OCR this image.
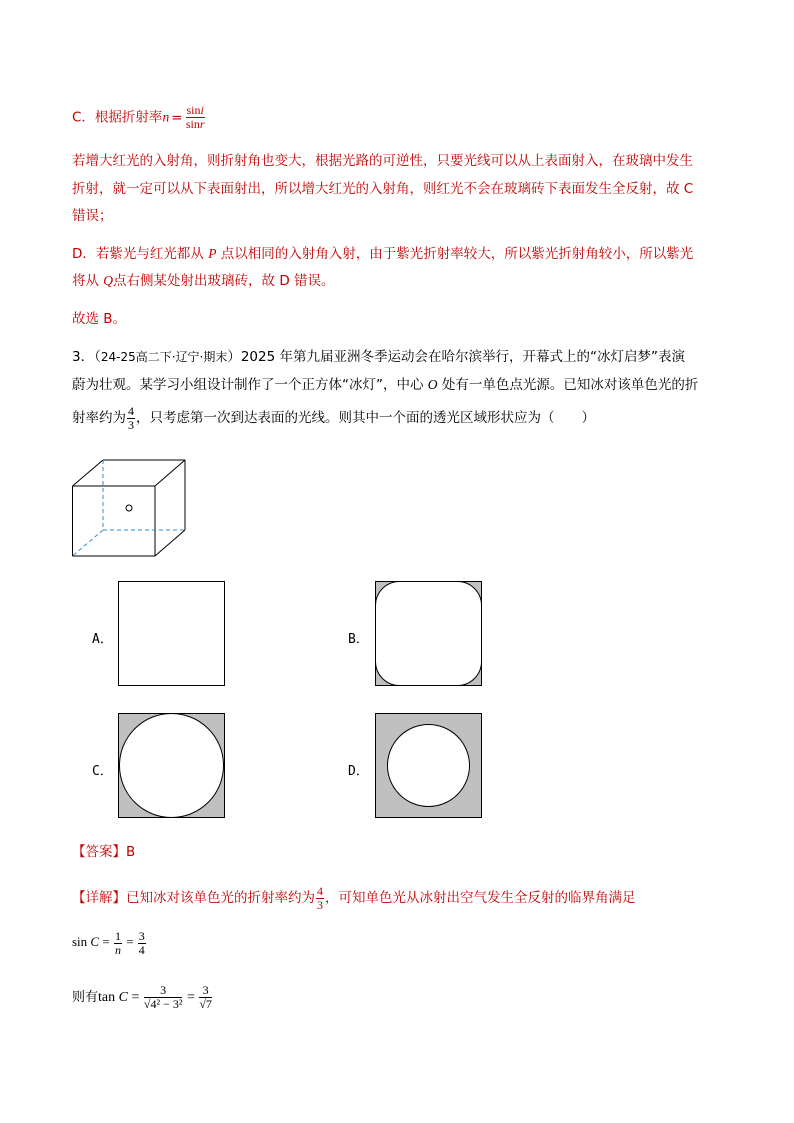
C．根据折射率$n = \frac{\sin i}{\sin r}$
若增大红光的入射角，则折射角也变大，根据光路的可逆性，只要光线可以从上表面射入，在玻璃中发生
折射，就一定可以从下表面射出，所以增大红光的入射角，则红光不会在玻璃砖下表面发生全反射，故 C
错误；
D．若紫光与红光都从 P 点以相同的入射角入射，由于紫光折射率较大，所以紫光折射角较小，所以紫光
将从 Q点右侧某处射出玻璃砖，故 D 错误。
故选 B。
3．（24-25高二下·辽宁·期末）2025 年第九届亚洲冬季运动会在哈尔滨举行，开幕式上的“冰灯启梦”表演
蔚为壮观。某学习小组设计制作了一个正方体“冰灯”，中心 O 处有一单色点光源。已知冰对该单色光的折
射率约为 $\frac{4}{3}$ ，只考虑第一次到达表面的光线。则其中一个面的透光区域形状应为（　　）
A．	B．
C．	D．
【答案】B
【详解】已知冰对该单色光的折射率约为 $\frac{4}{3}$ ，可知单色光从冰射出空气发生全反射的临界角满足
$\sin C = \frac{1}{n} = \frac{3}{4}$
则有$\tan C = \frac{3}{\text{√4² − 3²}} = \frac{3}{√7}$
